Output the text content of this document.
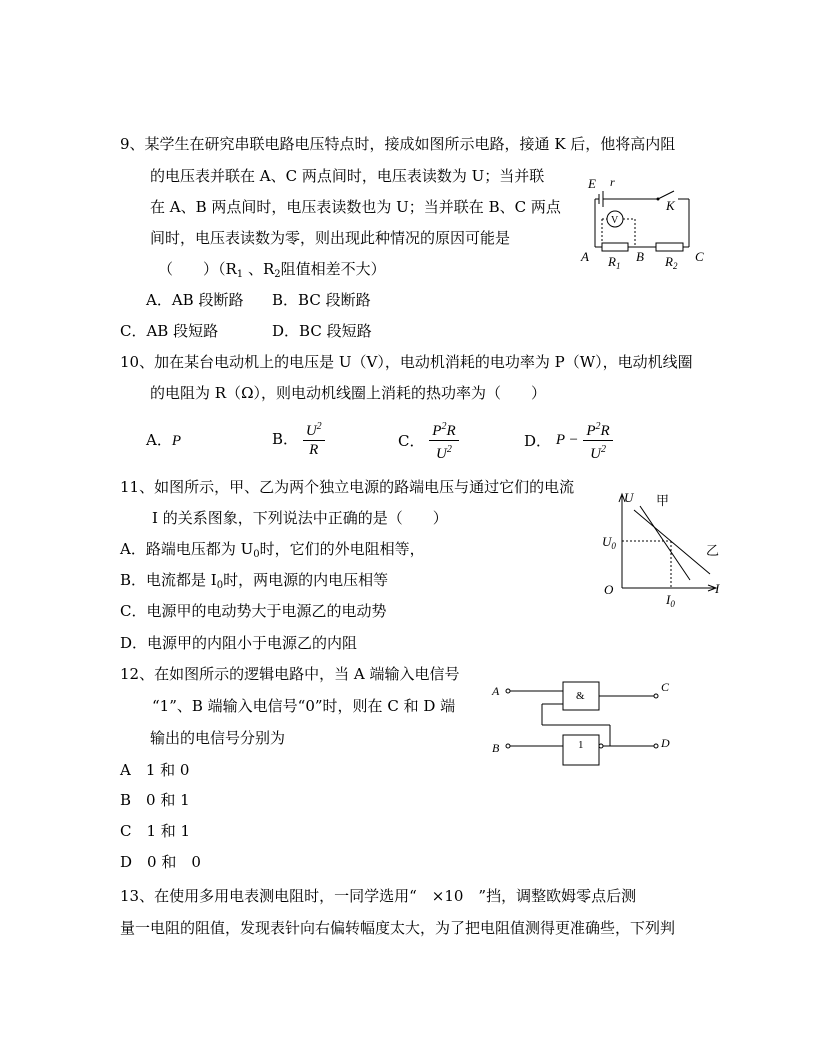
9、某学生在研究串联电路电压特点时，接成如图所示电路，接通 K 后，他将高内阻
的电压表并联在 A、C 两点间时，电压表读数为 U；当并联
在 A、B 两点间时，电压表读数也为 U；当并联在 B、C 两点
间时，电压表读数为零，则出现此种情况的原因可能是
（　　）（$R_1$ 、$R_2$阻值相差不大）
A．AB 段断路 B．BC 段断路
C．AB 段短路	D．BC 段短路
E r
K
V
A $R_1$
B $R_2$
C
10、加在某台电动机上的电压是 U（V），电动机消耗的电功率为 P（W），电动机线圈
的电阻为 R（Ω），则电动机线圈上消耗的热功率为（　　）
A．P	B． $\frac{U^2}{R}$	C． $\frac{P^2R}{U^2}$	D． $P - \frac{P^2R}{U^2}$
11、如图所示，甲、乙为两个独立电源的路端电压与通过它们的电流
I 的关系图象，下列说法中正确的是（　　）
A．路端电压都为 $U_0$时，它们的外电阻相等，
B．电流都是 $I_0$时，两电源的内电压相等
C．电源甲的电动势大于电源乙的电动势
D．电源甲的内阻小于电源乙的内阻
U
I
O
甲
乙
$U_0$
$I_0$
12、在如图所示的逻辑电路中，当 A 端输入电信号
“1”、B 端输入电信号“0”时，则在 C 和 D 端
输出的电信号分别为
A　1 和 0
B　0 和 1
C　1 和 1
D　0 和　0
A	&
C
B	1	D
13、在使用多用电表测电阻时，一同学选用“　×10　”挡，调整欧姆零点后测
量一电阻的阻值，发现表针向右偏转幅度太大，为了把电阻值测得更准确些，下列判
